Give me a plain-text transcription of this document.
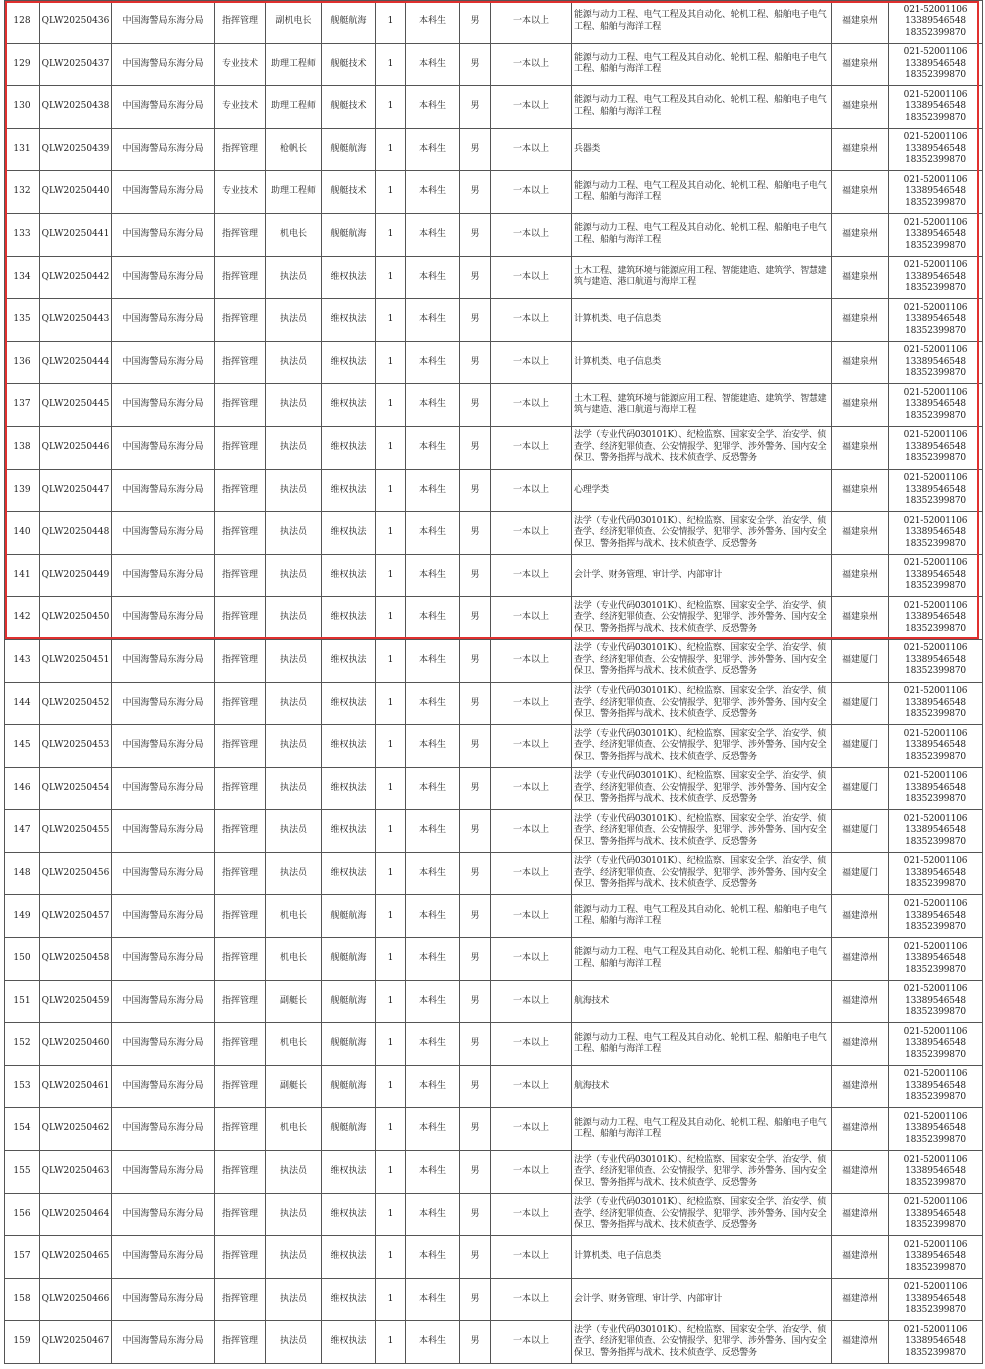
128	QLW20250436	中国海警局东海分局	指挥管理	副机电长	舰艇航海	1	本科生	男	一本以上	能源与动力工程、电气工程及其自动化、轮机工程、船舶电子电气工程、船舶与海洋工程	福建泉州	021-52001106
13389546548
18352399870

129	QLW20250437	中国海警局东海分局	专业技术	助理工程师	舰艇技术	1	本科生	男	一本以上	能源与动力工程、电气工程及其自动化、轮机工程、船舶电子电气工程、船舶与海洋工程	福建泉州	021-52001106
13389546548
18352399870

130	QLW20250438	中国海警局东海分局	专业技术	助理工程师	舰艇技术	1	本科生	男	一本以上	能源与动力工程、电气工程及其自动化、轮机工程、船舶电子电气工程、船舶与海洋工程	福建泉州	021-52001106
13389546548
18352399870

131	QLW20250439	中国海警局东海分局	指挥管理	枪帆长	舰艇航海	1	本科生	男	一本以上	兵器类	福建泉州	021-52001106
13389546548
18352399870

132	QLW20250440	中国海警局东海分局	专业技术	助理工程师	舰艇技术	1	本科生	男	一本以上	能源与动力工程、电气工程及其自动化、轮机工程、船舶电子电气工程、船舶与海洋工程	福建泉州	021-52001106
13389546548
18352399870

133	QLW20250441	中国海警局东海分局	指挥管理	机电长	舰艇航海	1	本科生	男	一本以上	能源与动力工程、电气工程及其自动化、轮机工程、船舶电子电气工程、船舶与海洋工程	福建泉州	021-52001106
13389546548
18352399870

134	QLW20250442	中国海警局东海分局	指挥管理	执法员	维权执法	1	本科生	男	一本以上	土木工程、建筑环境与能源应用工程、智能建造、建筑学、智慧建筑与建造、港口航道与海岸工程	福建泉州	021-52001106
13389546548
18352399870

135	QLW20250443	中国海警局东海分局	指挥管理	执法员	维权执法	1	本科生	男	一本以上	计算机类、电子信息类	福建泉州	021-52001106
13389546548
18352399870

136	QLW20250444	中国海警局东海分局	指挥管理	执法员	维权执法	1	本科生	男	一本以上	计算机类、电子信息类	福建泉州	021-52001106
13389546548
18352399870

137	QLW20250445	中国海警局东海分局	指挥管理	执法员	维权执法	1	本科生	男	一本以上	土木工程、建筑环境与能源应用工程、智能建造、建筑学、智慧建筑与建造、港口航道与海岸工程	福建泉州	021-52001106
13389546548
18352399870

138	QLW20250446	中国海警局东海分局	指挥管理	执法员	维权执法	1	本科生	男	一本以上	法学（专业代码030101K）、纪检监察、国家安全学、治安学、侦查学、经济犯罪侦查、公安情报学、犯罪学、涉外警务、国内安全保卫、警务指挥与战术、技术侦查学、反恐警务	福建泉州	021-52001106
13389546548
18352399870

139	QLW20250447	中国海警局东海分局	指挥管理	执法员	维权执法	1	本科生	男	一本以上	心理学类	福建泉州	021-52001106
13389546548
18352399870

140	QLW20250448	中国海警局东海分局	指挥管理	执法员	维权执法	1	本科生	男	一本以上	法学（专业代码030101K）、纪检监察、国家安全学、治安学、侦查学、经济犯罪侦查、公安情报学、犯罪学、涉外警务、国内安全保卫、警务指挥与战术、技术侦查学、反恐警务	福建泉州	021-52001106
13389546548
18352399870

141	QLW20250449	中国海警局东海分局	指挥管理	执法员	维权执法	1	本科生	男	一本以上	会计学、财务管理、审计学、内部审计	福建泉州	021-52001106
13389546548
18352399870

142	QLW20250450	中国海警局东海分局	指挥管理	执法员	维权执法	1	本科生	男	一本以上	法学（专业代码030101K）、纪检监察、国家安全学、治安学、侦查学、经济犯罪侦查、公安情报学、犯罪学、涉外警务、国内安全保卫、警务指挥与战术、技术侦查学、反恐警务	福建泉州	021-52001106
13389546548
18352399870

143	QLW20250451	中国海警局东海分局	指挥管理	执法员	维权执法	1	本科生	男	一本以上	法学（专业代码030101K）、纪检监察、国家安全学、治安学、侦查学、经济犯罪侦查、公安情报学、犯罪学、涉外警务、国内安全保卫、警务指挥与战术、技术侦查学、反恐警务	福建厦门	021-52001106
13389546548
18352399870

144	QLW20250452	中国海警局东海分局	指挥管理	执法员	维权执法	1	本科生	男	一本以上	法学（专业代码030101K）、纪检监察、国家安全学、治安学、侦查学、经济犯罪侦查、公安情报学、犯罪学、涉外警务、国内安全保卫、警务指挥与战术、技术侦查学、反恐警务	福建厦门	021-52001106
13389546548
18352399870

145	QLW20250453	中国海警局东海分局	指挥管理	执法员	维权执法	1	本科生	男	一本以上	法学（专业代码030101K）、纪检监察、国家安全学、治安学、侦查学、经济犯罪侦查、公安情报学、犯罪学、涉外警务、国内安全保卫、警务指挥与战术、技术侦查学、反恐警务	福建厦门	021-52001106
13389546548
18352399870

146	QLW20250454	中国海警局东海分局	指挥管理	执法员	维权执法	1	本科生	男	一本以上	法学（专业代码030101K）、纪检监察、国家安全学、治安学、侦查学、经济犯罪侦查、公安情报学、犯罪学、涉外警务、国内安全保卫、警务指挥与战术、技术侦查学、反恐警务	福建厦门	021-52001106
13389546548
18352399870

147	QLW20250455	中国海警局东海分局	指挥管理	执法员	维权执法	1	本科生	男	一本以上	法学（专业代码030101K）、纪检监察、国家安全学、治安学、侦查学、经济犯罪侦查、公安情报学、犯罪学、涉外警务、国内安全保卫、警务指挥与战术、技术侦查学、反恐警务	福建厦门	021-52001106
13389546548
18352399870

148	QLW20250456	中国海警局东海分局	指挥管理	执法员	维权执法	1	本科生	男	一本以上	法学（专业代码030101K）、纪检监察、国家安全学、治安学、侦查学、经济犯罪侦查、公安情报学、犯罪学、涉外警务、国内安全保卫、警务指挥与战术、技术侦查学、反恐警务	福建厦门	021-52001106
13389546548
18352399870

149	QLW20250457	中国海警局东海分局	指挥管理	机电长	舰艇航海	1	本科生	男	一本以上	能源与动力工程、电气工程及其自动化、轮机工程、船舶电子电气工程、船舶与海洋工程	福建漳州	021-52001106
13389546548
18352399870

150	QLW20250458	中国海警局东海分局	指挥管理	机电长	舰艇航海	1	本科生	男	一本以上	能源与动力工程、电气工程及其自动化、轮机工程、船舶电子电气工程、船舶与海洋工程	福建漳州	021-52001106
13389546548
18352399870

151	QLW20250459	中国海警局东海分局	指挥管理	副艇长	舰艇航海	1	本科生	男	一本以上	航海技术	福建漳州	021-52001106
13389546548
18352399870

152	QLW20250460	中国海警局东海分局	指挥管理	机电长	舰艇航海	1	本科生	男	一本以上	能源与动力工程、电气工程及其自动化、轮机工程、船舶电子电气工程、船舶与海洋工程	福建漳州	021-52001106
13389546548
18352399870

153	QLW20250461	中国海警局东海分局	指挥管理	副艇长	舰艇航海	1	本科生	男	一本以上	航海技术	福建漳州	021-52001106
13389546548
18352399870

154	QLW20250462	中国海警局东海分局	指挥管理	机电长	舰艇航海	1	本科生	男	一本以上	能源与动力工程、电气工程及其自动化、轮机工程、船舶电子电气工程、船舶与海洋工程	福建漳州	021-52001106
13389546548
18352399870

155	QLW20250463	中国海警局东海分局	指挥管理	执法员	维权执法	1	本科生	男	一本以上	法学（专业代码030101K）、纪检监察、国家安全学、治安学、侦查学、经济犯罪侦查、公安情报学、犯罪学、涉外警务、国内安全保卫、警务指挥与战术、技术侦查学、反恐警务	福建漳州	021-52001106
13389546548
18352399870

156	QLW20250464	中国海警局东海分局	指挥管理	执法员	维权执法	1	本科生	男	一本以上	法学（专业代码030101K）、纪检监察、国家安全学、治安学、侦查学、经济犯罪侦查、公安情报学、犯罪学、涉外警务、国内安全保卫、警务指挥与战术、技术侦查学、反恐警务	福建漳州	021-52001106
13389546548
18352399870

157	QLW20250465	中国海警局东海分局	指挥管理	执法员	维权执法	1	本科生	男	一本以上	计算机类、电子信息类	福建漳州	021-52001106
13389546548
18352399870

158	QLW20250466	中国海警局东海分局	指挥管理	执法员	维权执法	1	本科生	男	一本以上	会计学、财务管理、审计学、内部审计	福建漳州	021-52001106
13389546548
18352399870

159	QLW20250467	中国海警局东海分局	指挥管理	执法员	维权执法	1	本科生	男	一本以上	法学（专业代码030101K）、纪检监察、国家安全学、治安学、侦查学、经济犯罪侦查、公安情报学、犯罪学、涉外警务、国内安全保卫、警务指挥与战术、技术侦查学、反恐警务	福建漳州	021-52001106
13389546548
18352399870
